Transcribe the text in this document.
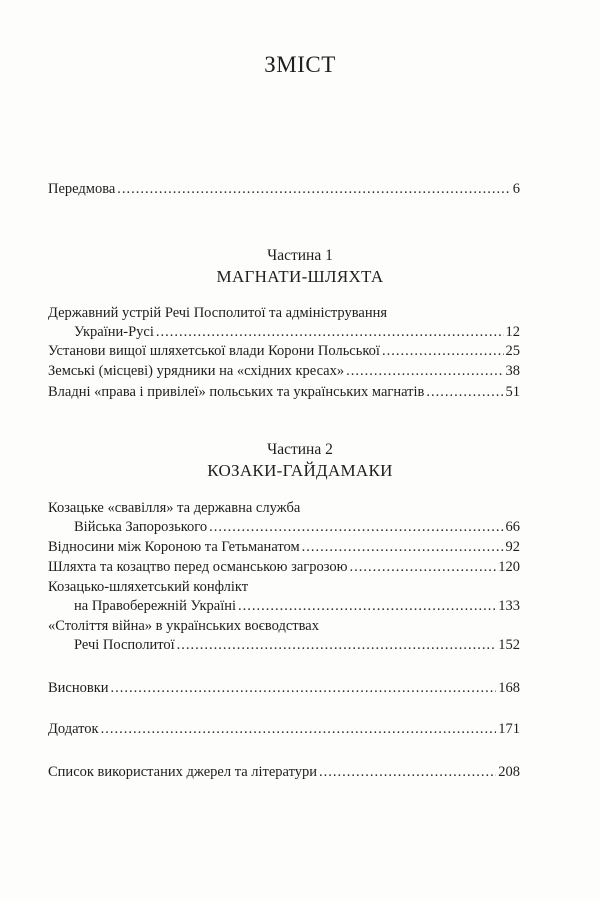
ЗМІСТ
Передмова .....	6
Частина 1
МАГНАТИ-ШЛЯХТА
Державний устрій Речі Посполитої та адміністрування
України-Русі .....	12
Установи вищої шляхетської влади Корони Польської .....	25
Земські (місцеві) урядники на «східних кресах» .....	38
Владні «права і привілеї» польських та українських магнатів .....	51
Частина 2
КОЗАКИ-ГАЙДАМАКИ
Козацьке «свавілля» та державна служба
Війська Запорозького .....	66
Відносини між Короною та Гетьманатом .....	92
Шляхта та козацтво перед османською загрозою .....	120
Козацько-шляхетський конфлікт
на Правобережній Україні .....	133
«Століття війна» в українських воєводствах
Речі Посполитої .....	152
Висновки .....	168
Додаток .....	171
Список використаних джерел та літератури .....	208
